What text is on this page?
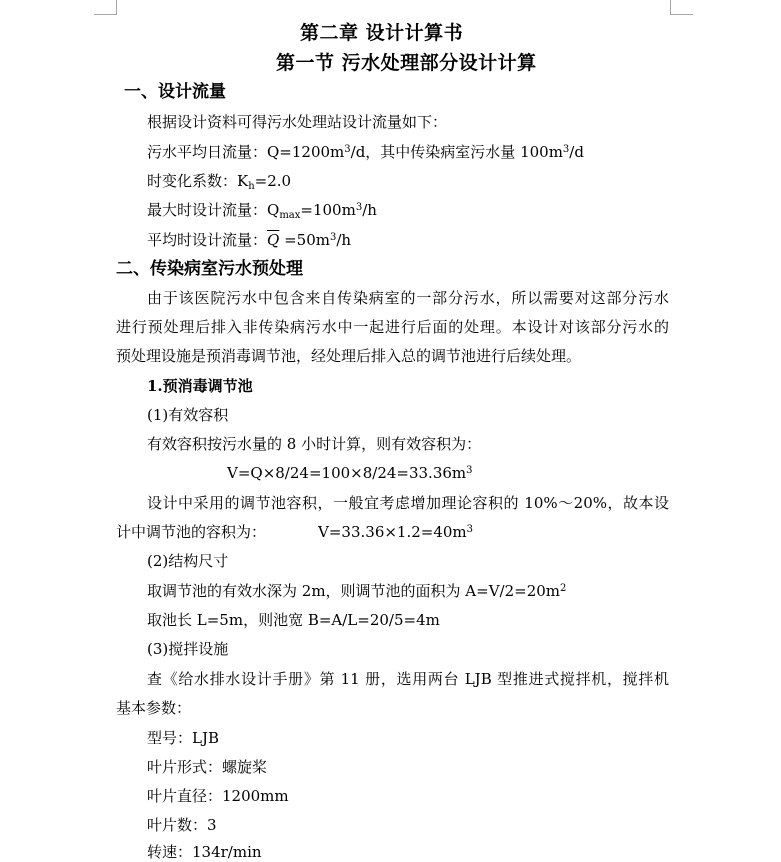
第二章 设计计算书
第一节 污水处理部分设计计算
一、设计流量
根据设计资料可得污水处理站设计流量如下：
污水平均日流量：$Q=1200m^3/d$，其中传染病室污水量 $100m^3/d$
时变化系数：$K_h=2.0$
最大时设计流量：$Q_{max}=100m^3/h$
平均时设计流量：$\overline{Q} =50m^3/h$
二、传染病室污水预处理
由于该医院污水中包含来自传染病室的一部分污水，所以需要对这部分污水
进行预处理后排入非传染病污水中一起进行后面的处理。本设计对该部分污水的
预处理设施是预消毒调节池，经处理后排入总的调节池进行后续处理。
1.预消毒调节池
(1)有效容积
有效容积按污水量的 8 小时计算，则有效容积为：
$V=Q\times 8/24=100\times 8/24=33.36m^3$
设计中采用的调节池容积，一般宜考虑增加理论容积的 10%～20%，故本设
计中调节池的容积为：	$V=33.36\times 1.2=40m^3$
(2)结构尺寸
取调节池的有效水深为 2m，则调节池的面积为 $A=V/2=20m^2$
取池长 L=5m，则池宽 B=A/L=20/5=4m
(3)搅拌设施
查《给水排水设计手册》第 11 册，选用两台 LJB 型推进式搅拌机，搅拌机
基本参数：
型号：LJB
叶片形式：螺旋桨
叶片直径：1200mm
叶片数：3
转速：134r/min
